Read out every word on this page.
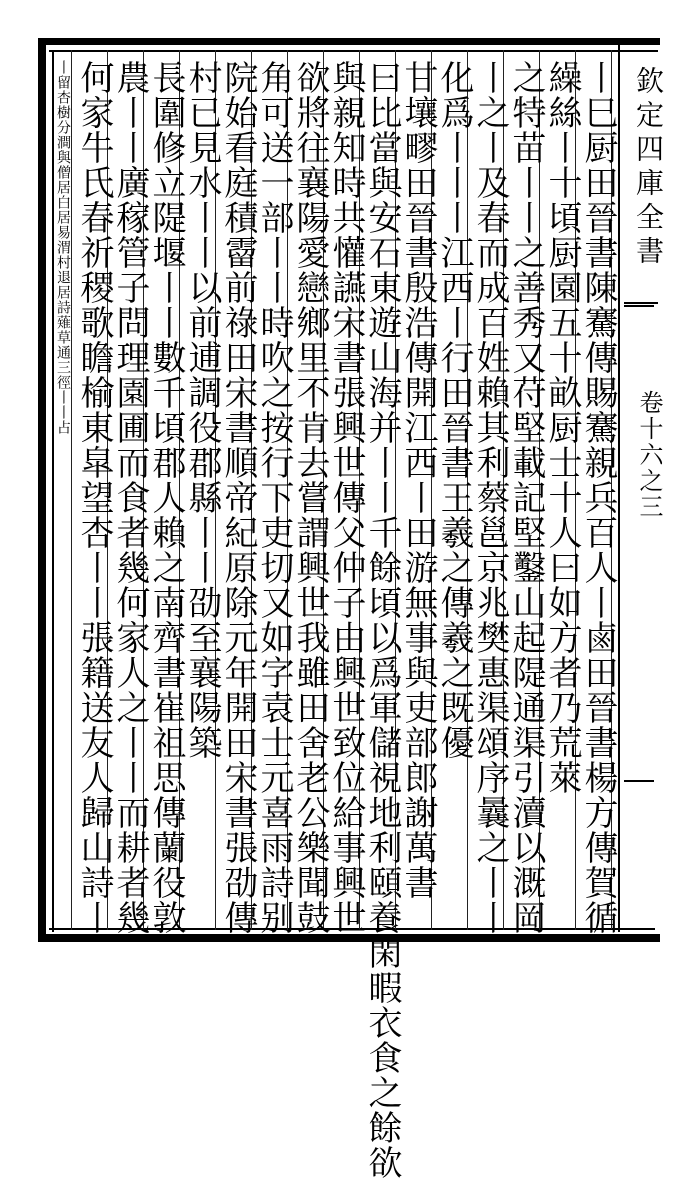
欽定四庫全書
卷十六之三
丨巳厨田晉書陳騫傳賜騫親兵百人丨鹵田晉書楊方傳賀循
繰絲丨十頃厨園五十畝厨士十人曰如方者乃荒萊
之特苗丨丨之善秀又苻堅載記堅鑿山起隄通渠引瀆以溉岡
丨之丨及春而成百姓賴其利蔡邕京兆樊惠渠頌序曩之丨丨
化爲丨丨丨江西丨行田晉書王羲之傳羲之既優
甘壤疁田晉書殷浩傳開江西丨田游無事與吏部郎謝萬書
曰比當與安石東遊山海并丨丨千餘頃以爲軍儲視地利頤養閑暇衣食之餘欲
與親知時共懽讌宋書張興世傳父仲子由興世致位給事興世
欲將往襄陽愛戀鄉里不肯去嘗謂興世我雖田舍老公樂聞鼓
角可送一部丨丨時吹之按行下吏切又如字袁士元喜雨詩别
院始看庭積霤前祿田宋書順帝紀原除元年開田宋書張劭傳
村已見水丨丨以前逋調役郡縣丨丨劭至襄陽築
長圍修立隄堰丨丨數千頃郡人賴之南齊書崔祖思傳蘭役敦
農丨丨廣稼管子問理園圃而食者幾何家人之丨丨而耕者幾
何家牛氏春祈稷歌瞻榆東皐望杏丨丨張籍送友人歸山詩丨
丨留杏樹分澗與僧居白居易渭村退居詩薙草通三徑丨丨占
